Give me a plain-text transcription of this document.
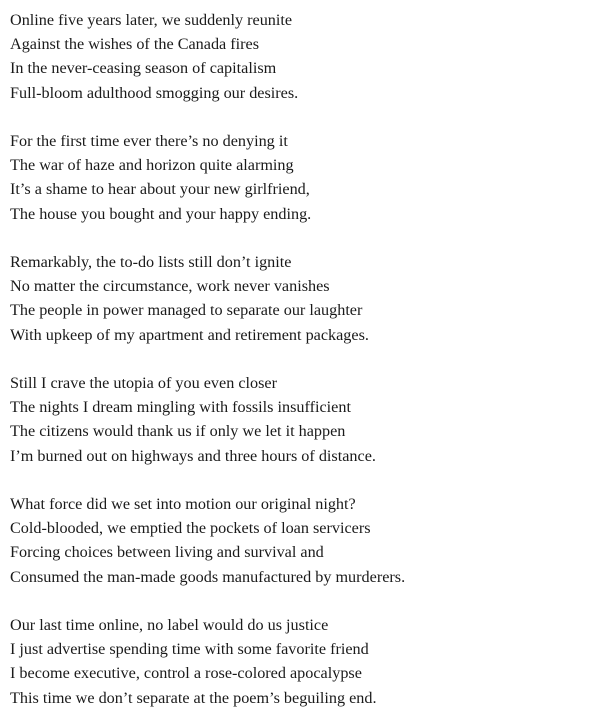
Online five years later, we suddenly reunite
Against the wishes of the Canada fires
In the never-ceasing season of capitalism
Full-bloom adulthood smogging our desires.
For the first time ever there’s no denying it
The war of haze and horizon quite alarming
It’s a shame to hear about your new girlfriend,
The house you bought and your happy ending.
Remarkably, the to-do lists still don’t ignite
No matter the circumstance, work never vanishes
The people in power managed to separate our laughter
With upkeep of my apartment and retirement packages.
Still I crave the utopia of you even closer
The nights I dream mingling with fossils insufficient
The citizens would thank us if only we let it happen
I’m burned out on highways and three hours of distance.
What force did we set into motion our original night?
Cold-blooded, we emptied the pockets of loan servicers
Forcing choices between living and survival and
Consumed the man-made goods manufactured by murderers.
Our last time online, no label would do us justice
I just advertise spending time with some favorite friend
I become executive, control a rose-colored apocalypse
This time we don’t separate at the poem’s beguiling end.
